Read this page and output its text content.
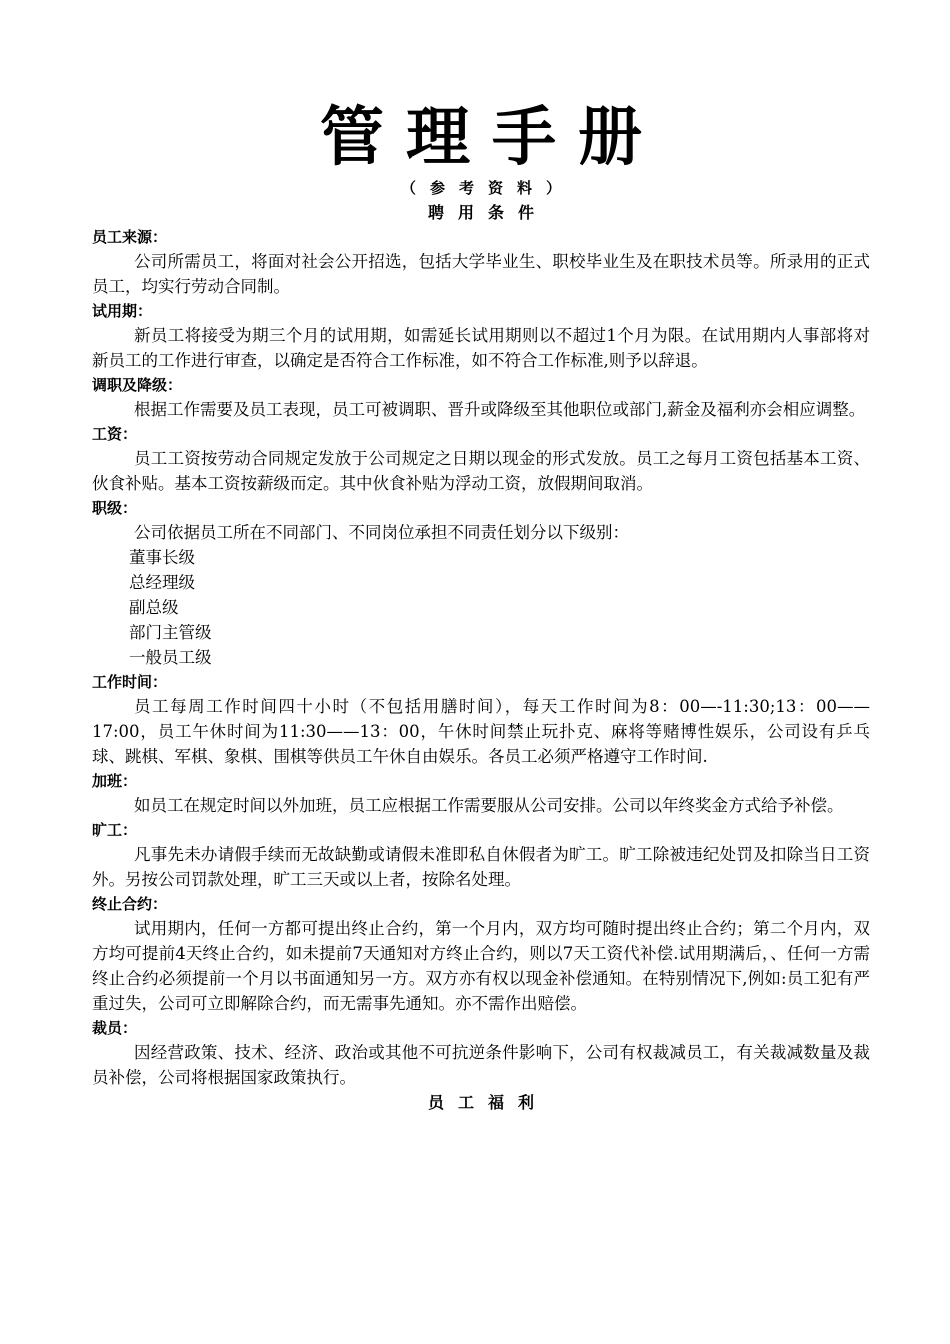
管理手册
（参考资料）
聘用条件
员工来源：

公司所需员工，将面对社会公开招选，包括大学毕业生、职校毕业生及在职技术员等。所录用的正式员工，均实行劳动合同制。

试用期：

新员工将接受为期三个月的试用期，如需延长试用期则以不超过1个月为限。在试用期内人事部将对新员工的工作进行审查，以确定是否符合工作标准，如不符合工作标准,则予以辞退。

调职及降级：

根据工作需要及员工表现，员工可被调职、晋升或降级至其他职位或部门,薪金及福利亦会相应调整。

工资：

员工工资按劳动合同规定发放于公司规定之日期以现金的形式发放。员工之每月工资包括基本工资、伙食补贴。基本工资按薪级而定。其中伙食补贴为浮动工资，放假期间取消。

职级：

公司依据员工所在不同部门、不同岗位承担不同责任划分以下级别：

董事长级
总经理级
副总级
部门主管级
一般员工级
工作时间：

员工每周工作时间四十小时（不包括用膳时间），每天工作时间为8：00—-11:30;13：00——17:00，员工午休时间为11:30——13：00，午休时间禁止玩扑克、麻将等赌博性娱乐，公司设有乒乓球、跳棋、军棋、象棋、围棋等供员工午休自由娱乐。各员工必须严格遵守工作时间.

加班：

如员工在规定时间以外加班，员工应根据工作需要服从公司安排。公司以年终奖金方式给予补偿。

旷工：

凡事先未办请假手续而无故缺勤或请假未准即私自休假者为旷工。旷工除被违纪处罚及扣除当日工资外。另按公司罚款处理，旷工三天或以上者，按除名处理。

终止合约：

试用期内，任何一方都可提出终止合约，第一个月内，双方均可随时提出终止合约；第二个月内，双方均可提前4天终止合约，如未提前7天通知对方终止合约，则以7天工资代补偿.试用期满后，、任何一方需终止合约必须提前一个月以书面通知另一方。双方亦有权以现金补偿通知。在特别情况下,例如:员工犯有严重过失，公司可立即解除合约，而无需事先通知。亦不需作出赔偿。

裁员：

因经营政策、技术、经济、政治或其他不可抗逆条件影响下，公司有权裁减员工，有关裁减数量及裁员补偿，公司将根据国家政策执行。

员工福利
